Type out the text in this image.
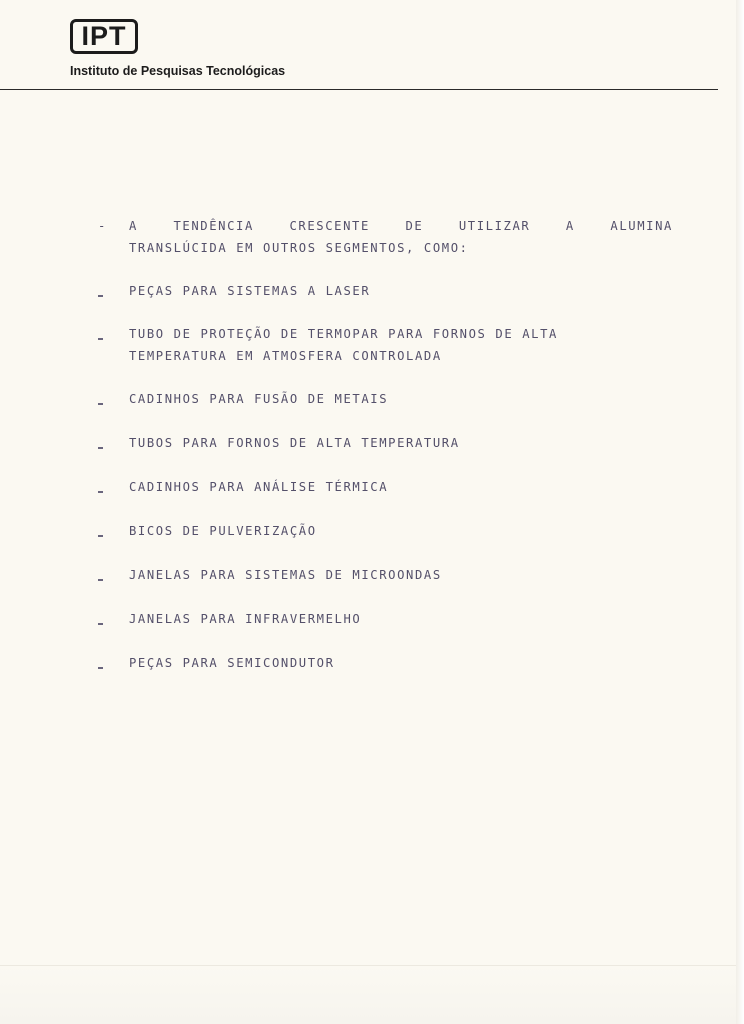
IPT
Instituto de Pesquisas Tecnológicas
- A	TENDÊNCIA	CRESCENTE	DE	UTILIZAR	A	ALUMINA
TRANSLÚCIDA EM OUTROS SEGMENTOS, COMO:
PEÇAS PARA SISTEMAS A LASER
TUBO DE PROTEÇÃO DE TERMOPAR PARA FORNOS DE ALTA
TEMPERATURA EM ATMOSFERA CONTROLADA
CADINHOS PARA FUSÃO DE METAIS
TUBOS PARA FORNOS DE ALTA TEMPERATURA
CADINHOS PARA ANÁLISE TÉRMICA
BICOS DE PULVERIZAÇÃO
JANELAS PARA SISTEMAS DE MICROONDAS
JANELAS PARA INFRAVERMELHO
PEÇAS PARA SEMICONDUTOR
